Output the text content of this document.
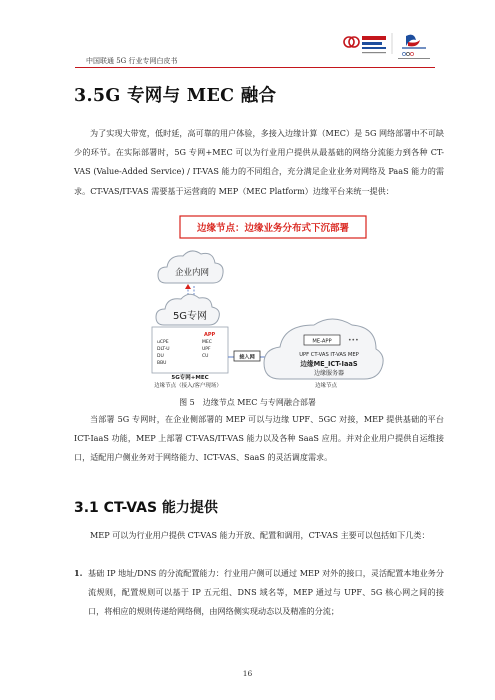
中国联通 5G 行业专网白皮书
3.5G 专网与 MEC 融合
为了实现大带宽，低时延，高可靠的用户体验，多接入边缘计算（MEC）是 5G 网络部署中不可缺少的环节。在实际部署时，5G 专网+MEC 可以为行业用户提供从最基础的网络分流能力到各种 CT-VAS (Value-Added Service) / IT-VAS 能力的不同组合，充分满足企业业务对网络及 PaaS 能力的需求。CT-VAS/IT-VAS 需要基于运营商的 MEP（MEC Platform）边缘平台来统一提供：
边缘节点：边缘业务分布式下沉部署
企业内网
5G专网
APP
uCPE	MEC
DLT-U	UPF
DU	CU
BBU
接入网
ME-APP	•••
UPF CT-VAS IT-VAS MEP
边缘ME_ICT-IaaS
边缘服务器
5G专网+MEC
边缘节点（接入/客户现场）	边缘节点
图 5　边缘节点 MEC 与专网融合部署
当部署 5G 专网时，在企业侧部署的 MEP 可以与边缘 UPF、5GC 对接，MEP 提供基础的平台 ICT-IaaS 功能，MEP 上部署 CT-VAS/IT-VAS 能力以及各种 SaaS 应用。并对企业用户提供自运维接口，适配用户侧业务对于网络能力、ICT-VAS、SaaS 的灵活调度需求。
3.1 CT-VAS 能力提供
MEP 可以为行业用户提供 CT-VAS 能力开放、配置和调用，CT-VAS 主要可以包括如下几类：
1. 基础 IP 地址/DNS 的分流配置能力：行业用户侧可以通过 MEP 对外的接口，灵活配置本地业务分流规则，配置规则可以基于 IP 五元组、DNS 域名等，MEP 通过与 UPF、5G 核心网之间的接口，将相应的规则传递给网络侧，由网络侧实现动态以及精准的分流；
16
